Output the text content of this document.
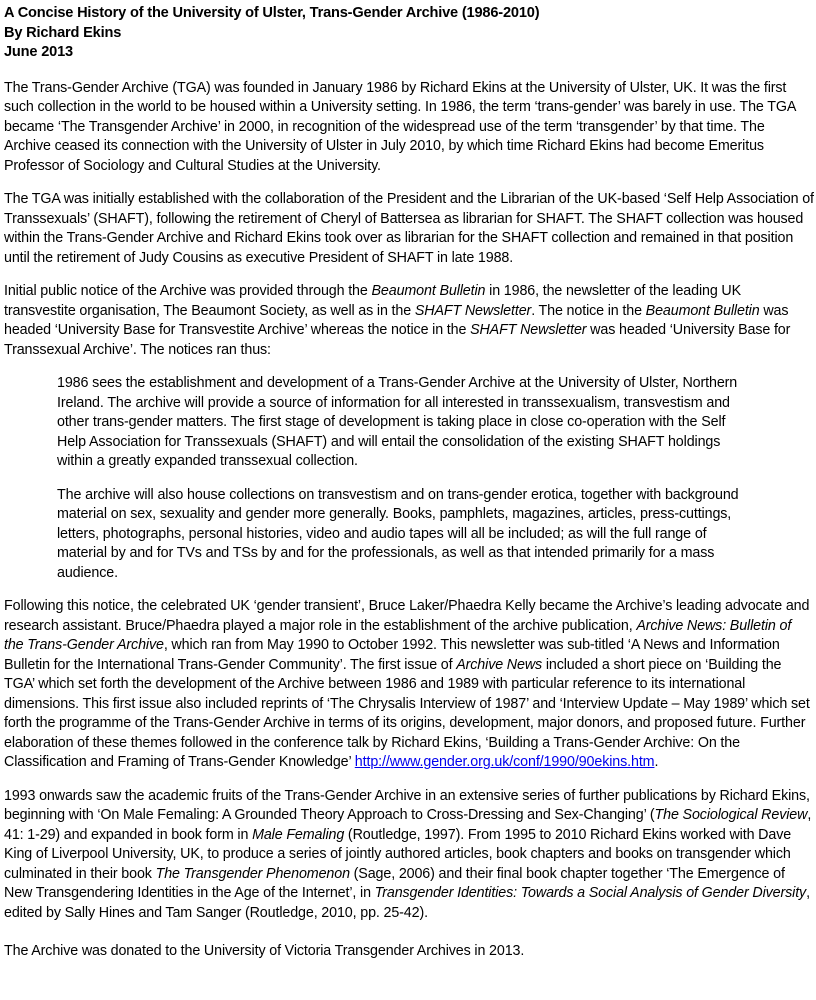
A Concise History of the University of Ulster, Trans-Gender Archive (1986-2010)
By Richard Ekins
June 2013

The Trans-Gender Archive (TGA) was founded in January 1986 by Richard Ekins at the University of Ulster, UK. It was the first such collection in the world to be housed within a University setting. In 1986, the term ‘trans-gender’ was barely in use. The TGA became ‘The Transgender Archive’ in 2000, in recognition of the widespread use of the term ‘transgender’ by that time. The Archive ceased its connection with the University of Ulster in July 2010, by which time Richard Ekins had become Emeritus Professor of Sociology and Cultural Studies at the University.

The TGA was initially established with the collaboration of the President and the Librarian of the UK-based ‘Self Help Association of Transsexuals’ (SHAFT), following the retirement of Cheryl of Battersea as librarian for SHAFT. The SHAFT collection was housed within the Trans-Gender Archive and Richard Ekins took over as librarian for the SHAFT collection and remained in that position until the retirement of Judy Cousins as executive President of SHAFT in late 1988.

Initial public notice of the Archive was provided through the Beaumont Bulletin in 1986, the newsletter of the leading UK transvestite organisation, The Beaumont Society, as well as in the SHAFT Newsletter. The notice in the Beaumont Bulletin was headed ‘University Base for Transvestite Archive’ whereas the notice in the SHAFT Newsletter was headed ‘University Base for Transsexual Archive’. The notices ran thus:

1986 sees the establishment and development of a Trans-Gender Archive at the University of Ulster, Northern Ireland. The archive will provide a source of information for all interested in transsexualism, transvestism and other trans-gender matters. The first stage of development is taking place in close co-operation with the Self Help Association for Transsexuals (SHAFT) and will entail the consolidation of the existing SHAFT holdings within a greatly expanded transsexual collection.
The archive will also house collections on transvestism and on trans-gender erotica, together with background material on sex, sexuality and gender more generally. Books, pamphlets, magazines, articles, press-cuttings, letters, photographs, personal histories, video and audio tapes will all be included; as will the full range of material by and for TVs and TSs by and for the professionals, as well as that intended primarily for a mass audience.

Following this notice, the celebrated UK ‘gender transient’, Bruce Laker/Phaedra Kelly became the Archive’s leading advocate and research assistant. Bruce/Phaedra played a major role in the establishment of the archive publication, Archive News: Bulletin of the Trans-Gender Archive, which ran from May 1990 to October 1992. This newsletter was sub-titled ‘A News and Information Bulletin for the International Trans-Gender Community’. The first issue of Archive News included a short piece on ‘Building the TGA’ which set forth the development of the Archive between 1986 and 1989 with particular reference to its international dimensions. This first issue also included reprints of ‘The Chrysalis Interview of 1987’ and ‘Interview Update – May 1989’ which set forth the programme of the Trans-Gender Archive in terms of its origins, development, major donors, and proposed future. Further elaboration of these themes followed in the conference talk by Richard Ekins, ‘Building a Trans-Gender Archive: On the Classification and Framing of Trans-Gender Knowledge’ http://www.gender.org.uk/conf/1990/90ekins.htm.

1993 onwards saw the academic fruits of the Trans-Gender Archive in an extensive series of further publications by Richard Ekins, beginning with ‘On Male Femaling: A Grounded Theory Approach to Cross-Dressing and Sex-Changing’ (The Sociological Review, 41: 1-29) and expanded in book form in Male Femaling (Routledge, 1997). From 1995 to 2010 Richard Ekins worked with Dave King of Liverpool University, UK, to produce a series of jointly authored articles, book chapters and books on transgender which culminated in their book The Transgender Phenomenon (Sage, 2006) and their final book chapter together ‘The Emergence of New Transgendering Identities in the Age of the Internet’, in Transgender Identities: Towards a Social Analysis of Gender Diversity, edited by Sally Hines and Tam Sanger (Routledge, 2010, pp. 25-42).

The Archive was donated to the University of Victoria Transgender Archives in 2013.
